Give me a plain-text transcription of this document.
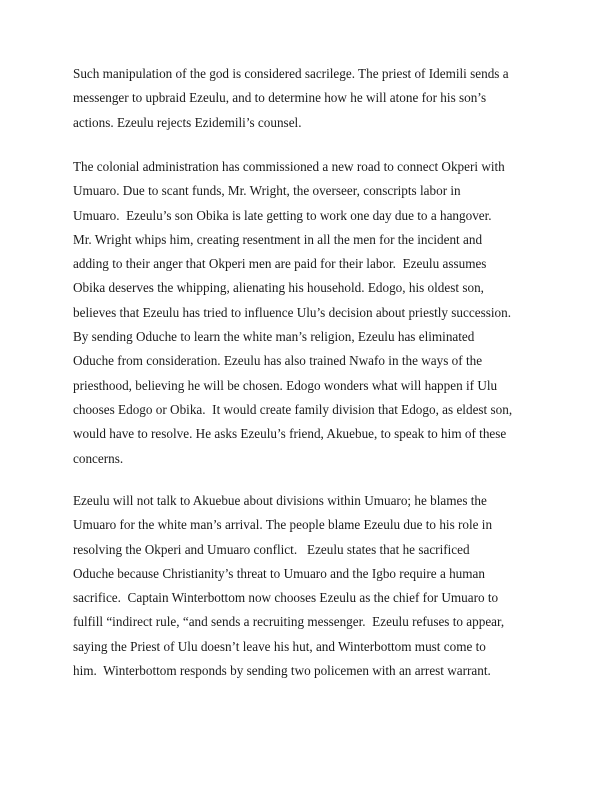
Such manipulation of the god is considered sacrilege. The priest of Idemili sends a
messenger to upbraid Ezeulu, and to determine how he will atone for his son’s
actions. Ezeulu rejects Ezidemili’s counsel.
The colonial administration has commissioned a new road to connect Okperi with
Umuaro. Due to scant funds, Mr. Wright, the overseer, conscripts labor in
Umuaro.  Ezeulu’s son Obika is late getting to work one day due to a hangover.
Mr. Wright whips him, creating resentment in all the men for the incident and
adding to their anger that Okperi men are paid for their labor.  Ezeulu assumes
Obika deserves the whipping, alienating his household. Edogo, his oldest son,
believes that Ezeulu has tried to influence Ulu’s decision about priestly succession.
By sending Oduche to learn the white man’s religion, Ezeulu has eliminated
Oduche from consideration. Ezeulu has also trained Nwafo in the ways of the
priesthood, believing he will be chosen. Edogo wonders what will happen if Ulu
chooses Edogo or Obika.  It would create family division that Edogo, as eldest son,
would have to resolve. He asks Ezeulu’s friend, Akuebue, to speak to him of these
concerns.
Ezeulu will not talk to Akuebue about divisions within Umuaro; he blames the
Umuaro for the white man’s arrival. The people blame Ezeulu due to his role in
resolving the Okperi and Umuaro conflict.   Ezeulu states that he sacrificed
Oduche because Christianity’s threat to Umuaro and the Igbo require a human
sacrifice.  Captain Winterbottom now chooses Ezeulu as the chief for Umuaro to
fulfill “indirect rule, “and sends a recruiting messenger.  Ezeulu refuses to appear,
saying the Priest of Ulu doesn’t leave his hut, and Winterbottom must come to
him.  Winterbottom responds by sending two policemen with an arrest warrant.
